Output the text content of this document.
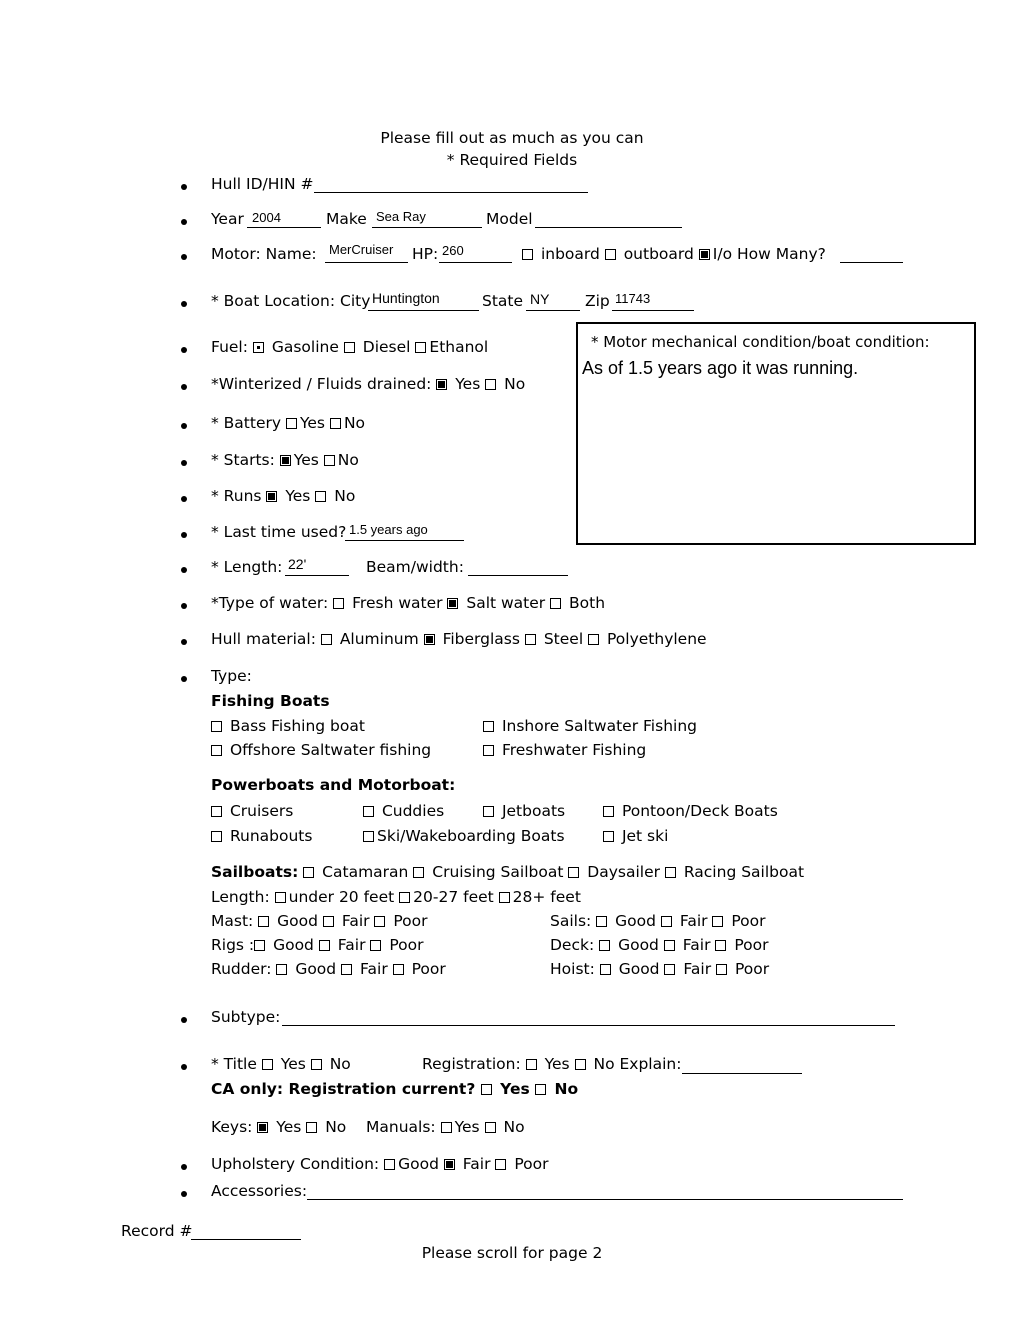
Please fill out as much as you can
* Required Fields
Hull ID/HIN #
Year 2004	Make Sea Ray	Model
Motor: Name: MerCruiser HP: 260	inboard outboard I/o How Many?
* Boat Location: City Huntington	State NY Zip 11743
Fuel: Gasoline Diesel Ethanol
*Winterized / Fluids drained: Yes No
* Battery Yes No
* Starts: Yes No
* Runs Yes No
* Last time used? 1.5 years ago
* Length: 22'	Beam/width:
*Type of water: Fresh water Salt water Both
Hull material: Aluminum Fiberglass Steel Polyethylene
Type:
Fishing Boats
Bass Fishing boat	Inshore Saltwater Fishing
Offshore Saltwater fishing	Freshwater Fishing
Powerboats and Motorboat:
Cruisers	Cuddies	Jetboats	Pontoon/Deck Boats
Runabouts	Ski/Wakeboarding Boats	Jet ski
Sailboats: Catamaran Cruising Sailboat Daysailer Racing Sailboat
Length: under 20 feet 20-27 feet 28+ feet
Mast: Good Fair Poor	Sails: Good Fair Poor
Rigs : Good Fair Poor	Deck: Good Fair Poor
Rudder: Good Fair Poor	Hoist: Good Fair Poor
Subtype:
* Title Yes No	Registration: Yes No Explain:
CA only: Registration current? Yes No
Keys: Yes No Manuals: Yes No
Upholstery Condition: Good Fair Poor
Accessories:
* Motor mechanical condition/boat condition:
As of 1.5 years ago it was running.
Record #
Please scroll for page 2
